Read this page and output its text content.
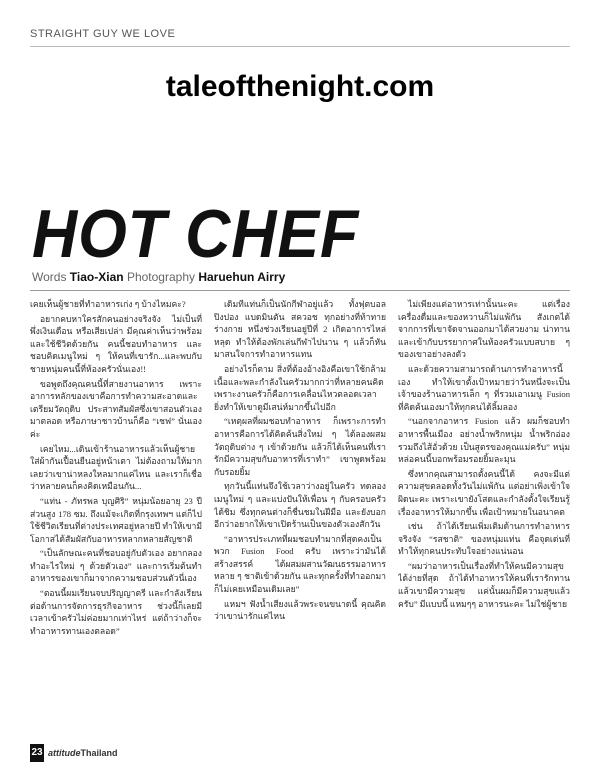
STRAIGHT GUY WE LOVE
taleofthenight.com
HOT CHEF
Words Tiao-Xian Photography Haruehun Airry

เคยเห็นผู้ชายที่ทำอาหารเก่ง ๆ บ้างไหมคะ?

อยากคบหาใครสักคนอย่างจริงจัง ไม่เป็นที่พึ่งเงินเดือน หรือเสียเปล่า มีคุณค่าเห็นว่าพร้อม และใช้ชีวิตด้วยกัน คนนี้ชอบทำอาหาร และชอบคิดเมนูใหม่ ๆ ให้คนที่เขารัก...และพบกับชายหนุ่มคนนี้ที่ห้องครัวนั่นเอง!!

ขอพูดถึงคุณคนนี้ที่สายงานอาหาร เพราะอาการหลักของเขาคือการทำความสะอาดและเตรียมวัตถุดิบ ประสาทสัมผัสซึ่งเขาสอนตัวเองมาตลอด หรือภาษาชาวบ้านก็คือ “เชฟ” นั่นเองค่ะ

เคยไหม...เดินเข้าร้านอาหารแล้วเห็นผู้ชายใส่ผ้ากันเปื้อนยืนอยู่หน้าเตา ไม่ต้องถามให้มากเลยว่าเขาน่าหลงใหลมากแค่ไหน และเราก็เชื่อว่าหลายคนก็คงคิดเหมือนกัน...

“แท่น - ภัทรพล บุญศิริ” หนุ่มน้อยอายุ 23 ปี ส่วนสูง 178 ซม. ถึงแม้จะเกิดที่กรุงเทพฯ แต่ก็ไปใช้ชีวิตเรียนที่ต่างประเทศอยู่หลายปี ทำให้เขามีโอกาสได้สัมผัสกับอาหารหลากหลายสัญชาติ

“เป็นลักษณะคนที่ชอบอยู่กับตัวเอง อยากลองทำอะไรใหม่ ๆ ด้วยตัวเอง” และการเริ่มต้นทำอาหารของเขาก็มาจากความชอบส่วนตัวนี่เอง

“ตอนนี้ผมเรียนจบปริญญาตรี และกำลังเรียนต่อด้านการจัดการธุรกิจอาหาร ช่วงนี้ก็เลยมีเวลาเข้าครัวไม่ค่อยมากเท่าไหร่ แต่ถ้าว่างก็จะทำอาหารทานเองตลอด”

เดิมทีแท่นก็เป็นนักกีฬาอยู่แล้ว ทั้งฟุตบอล ปิงปอง แบดมินตัน สควอช ทุกอย่างที่ท้าทายร่างกาย หนึ่งช่วงเรียนอยู่ปีที่ 2 เกิดอาการไหล่หลุด ทำให้ต้องพักเล่นกีฬาไปนาน ๆ แล้วก็หันมาสนใจการทำอาหารแทน

อย่างไรก็ตาม สิ่งที่ต้องอ้างอิงคือเขาใช้กล้ามเนื้อและพละกำลังในครัวมากกว่าที่หลายคนคิด เพราะงานครัวก็คือการเคลื่อนไหวตลอดเวลา ยิ่งทำให้เขาดูมีเสน่ห์มากขึ้นไปอีก

“เหตุผลที่ผมชอบทำอาหาร ก็เพราะการทำอาหารคือการได้คิดค้นสิ่งใหม่ ๆ ได้ลองผสมวัตถุดิบต่าง ๆ เข้าด้วยกัน แล้วก็ได้เห็นคนที่เรารักมีความสุขกับอาหารที่เราทำ” เขาพูดพร้อมกับรอยยิ้ม

ทุกวันนี้แท่นจึงใช้เวลาว่างอยู่ในครัว ทดลองเมนูใหม่ ๆ และแบ่งปันให้เพื่อน ๆ กับครอบครัวได้ชิม ซึ่งทุกคนต่างก็ชื่นชมในฝีมือ และยังบอกอีกว่าอยากให้เขาเปิดร้านเป็นของตัวเองสักวัน

“อาหารประเภทที่ผมชอบทำมากที่สุดคงเป็นพวก Fusion Food ครับ เพราะว่ามันได้สร้างสรรค์ ได้ผสมผสานวัฒนธรรมอาหารหลาย ๆ ชาติเข้าด้วยกัน และทุกครั้งที่ทำออกมาก็ไม่เคยเหมือนเดิมเลย”

แหมฯ ฟังน้ำเสียงแล้วพระจนขนาดนี้ คุณคิดว่าเขาน่ารักแค่ไหน

ไม่เพียงแต่อาหารเท่านั้นนะคะ แต่เรื่องเครื่องดื่มและของหวานก็ไม่แพ้กัน สังเกตได้จากการที่เขาจัดจานออกมาได้สวยงาม น่าทาน และเข้ากับบรรยากาศในห้องครัวแบบสบาย ๆ ของเขาอย่างลงตัว

และด้วยความสามารถด้านการทำอาหารนี้เอง ทำให้เขาตั้งเป้าหมายว่าวันหนึ่งจะเป็นเจ้าของร้านอาหารเล็ก ๆ ที่รวมเอาเมนู Fusion ที่คิดค้นเองมาให้ทุกคนได้ลิ้มลอง

“นอกจากอาหาร Fusion แล้ว ผมก็ชอบทำอาหารพื้นเมือง อย่างน้ำพริกหนุ่ม น้ำพริกอ่อง รวมถึงไส้อั่วด้วย เป็นสูตรของคุณแม่ครับ” หนุ่มหล่อคนนี้บอกพร้อมรอยยิ้มละมุน

ซึ่งหากคุณสามารถตั้งคนนี้ได้ คงจะมีแต่ความสุขตลอดทั้งวันไม่แพ้กัน แต่อย่าเพิ่งเข้าใจผิดนะคะ เพราะเขายังโสดและกำลังตั้งใจเรียนรู้เรื่องอาหารให้มากขึ้น เพื่อเป้าหมายในอนาคต

เช่น ถ้าได้เรียนเพิ่มเติมด้านการทำอาหารจริงจัง “รสชาติ” ของหนุ่มแท่น คือจุดเด่นที่ทำให้ทุกคนประทับใจอย่างแน่นอน

“ผมว่าอาหารเป็นเรื่องที่ทำให้คนมีความสุขได้ง่ายที่สุด ถ้าได้ทำอาหารให้คนที่เรารักทานแล้วเขามีความสุข แค่นั้นผมก็มีความสุขแล้วครับ” มีแบบนี้ แหมๆๆ อาหารนะคะ ไม่ใช่ผู้ชาย

23 attitudeThailand
